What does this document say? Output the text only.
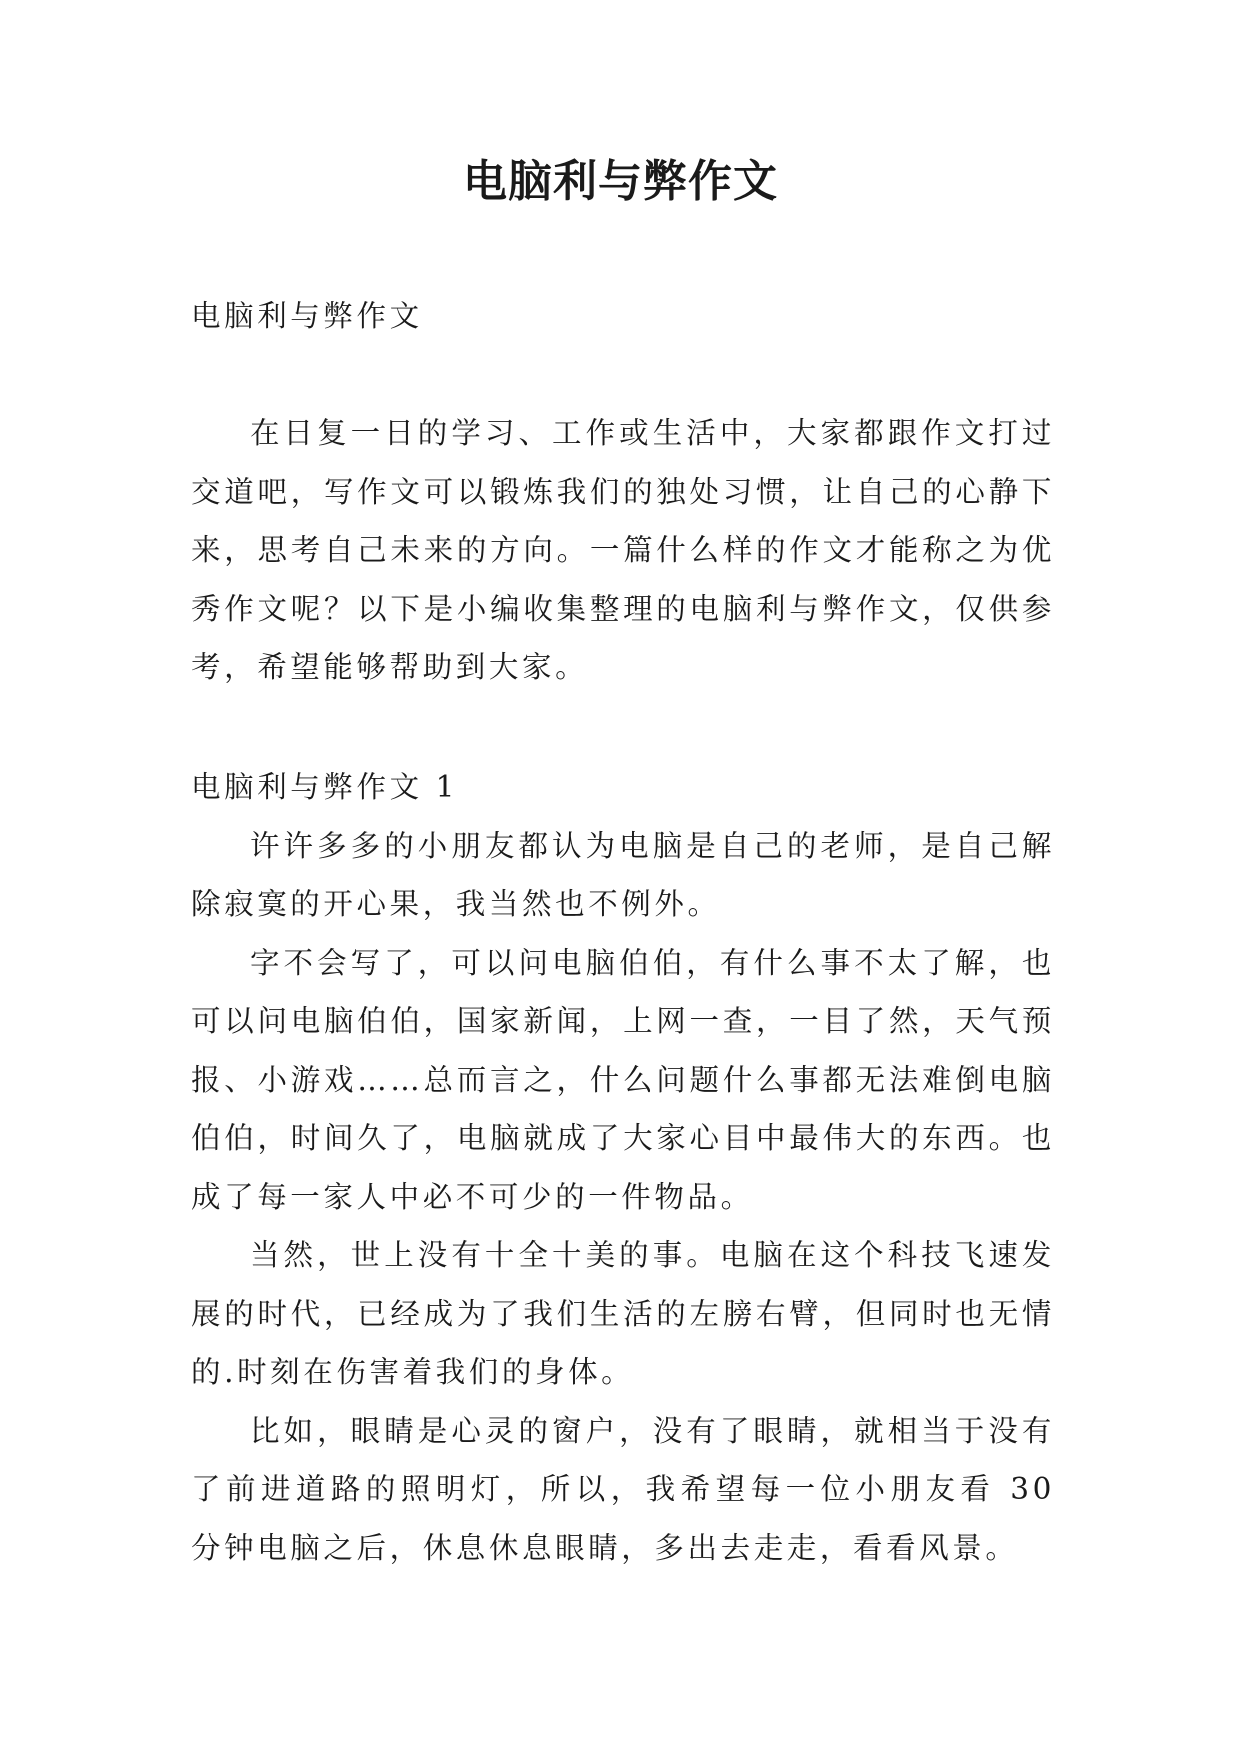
电脑利与弊作文
电脑利与弊作文

在日复一日的学习、工作或生活中，大家都跟作文打过交道吧，写作文可以锻炼我们的独处习惯，让自己的心静下来，思考自己未来的方向。一篇什么样的作文才能称之为优秀作文呢？以下是小编收集整理的电脑利与弊作文，仅供参考，希望能够帮助到大家。

电脑利与弊作文 1

许许多多的小朋友都认为电脑是自己的老师，是自己解除寂寞的开心果，我当然也不例外。

字不会写了，可以问电脑伯伯，有什么事不太了解，也可以问电脑伯伯，国家新闻，上网一查，一目了然，天气预报、小游戏……总而言之，什么问题什么事都无法难倒电脑伯伯，时间久了，电脑就成了大家心目中最伟大的东西。也成了每一家人中必不可少的一件物品。

当然，世上没有十全十美的事。电脑在这个科技飞速发展的时代，已经成为了我们生活的左膀右臂，但同时也无情的.时刻在伤害着我们的身体。

比如，眼睛是心灵的窗户，没有了眼睛，就相当于没有了前进道路的照明灯，所以，我希望每一位小朋友看 30 分钟电脑之后，休息休息眼睛，多出去走走，看看风景。
